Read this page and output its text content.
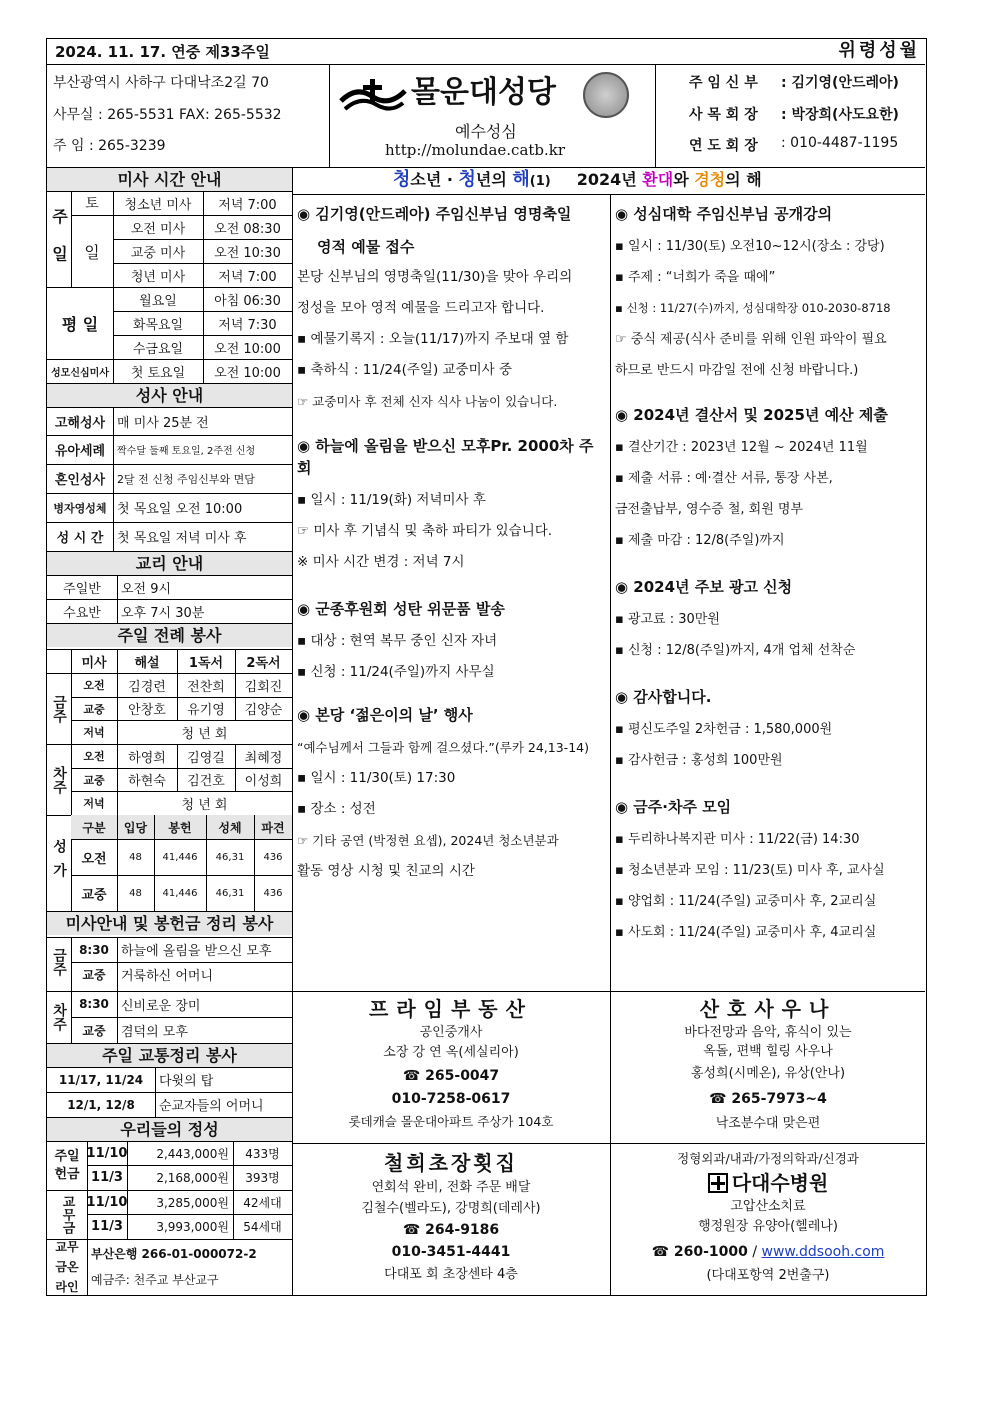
2024. 11. 17. 연중 제33주일	위령성월
부산광역시 사하구 다대낙조2길 70
사무실 : 265-5531 FAX: 265-5532
주 임 : 265-3239
몰운대성당
예수성심
http://molundae.catb.kr
주 임 신 부 : 김기영(안드레아)
사 목 회 장 : 박장희(사도요한)
연 도 회 장 : 010-4487-1195
미사 시간 안내
주 일
토
일
청소년 미사	저녁 7:00
오전 미사	오전 08:30
교중 미사	오전 10:30
청년 미사	저녁 7:00
평 일
월요일	아침 06:30
화목요일	저녁 7:30
수금요일	오전 10:00
성모신심미사	첫 토요일	오전 10:00
성사 안내
고해성사 매 미사 25분 전
유아세례	짝수달 둘째 토요일, 2주전 신청
혼인성사	2달 전 신청 주임신부와 면담
병자영성체 첫 목요일 오전 10:00
성 시 간	첫 목요일 저녁 미사 후
교리 안내
주일반	오전 9시
수요반	오후 7시 30분
주일 전례 봉사
미사	해설	1독서	2독서
금주
오전	김경련	전찬희	김회진
교중	안창호	유기영	김양순
저녁	청 년 회
차주
오전	하영희	김영길	최혜정
교중	하현숙	김건호	이성희
저녁	청 년 회
성가
구분	입당	봉헌	성체	파견
오전	48	41,446	46,31	436
교중	48	41,446	46,31	436
미사안내 및 봉헌금 정리 봉사
금주	8:30 하늘에 올림을 받으신 모후
교중	거룩하신 어머니
차주	8:30 신비로운 장미
교중	겸덕의 모후
주일 교통정리 봉사
11/17, 11/24	다윗의 탑
12/1, 12/8	순교자들의 어머니
우리들의 정성
주일헌금
11/10	2,443,000원	433명
11/3	2,168,000원	393명
교무금 11/10	3,285,000원	42세대
11/3	3,993,000원	54세대
교무금온라인
부산은행 266-01-000072-2
예금주: 천주교 부산교구
청소년 · 청년의 해(1) 2024년 환대와 경청의 해
◉ 김기영(안드레아) 주임신부님 영명축일
영적 예물 접수

본당 신부님의 영명축일(11/30)을 맞아 우리의

정성을 모아 영적 예물을 드리고자 합니다.

▪ 예물기록지 : 오늘(11/17)까지 주보대 옆 함

▪ 축하식 : 11/24(주일) 교중미사 중

☞ 교중미사 후 전체 신자 식사 나눔이 있습니다.

◉ 하늘에 올림을 받으신 모후Pr. 2000차 주회

▪ 일시 : 11/19(화) 저녁미사 후

☞ 미사 후 기념식 및 축하 파티가 있습니다.

※ 미사 시간 변경 : 저녁 7시

◉ 군종후원회 성탄 위문품 발송

▪ 대상 : 현역 복무 중인 신자 자녀

▪ 신청 : 11/24(주일)까지 사무실

◉ 본당 ‘젊은이의 날’ 행사

“예수님께서 그들과 함께 걸으셨다.”(루카 24,13-14)

▪ 일시 : 11/30(토) 17:30

▪ 장소 : 성전

☞ 기타 공연 (박정현 요셉), 2024년 청소년분과

활동 영상 시청 및 친교의 시간

◉ 성심대학 주임신부님 공개강의

▪ 일시 : 11/30(토) 오전10~12시(장소 : 강당)

▪ 주제 : “너희가 죽을 때에”

▪ 신청 : 11/27(수)까지, 성심대학장 010-2030-8718

☞ 중식 제공(식사 준비를 위해 인원 파악이 필요

하므로 반드시 마감일 전에 신청 바랍니다.)

◉ 2024년 결산서 및 2025년 예산 제출

▪ 결산기간 : 2023년 12월 ~ 2024년 11월

▪ 제출 서류 : 예·결산 서류, 통장 사본,

금전출납부, 영수증 철, 회원 명부

▪ 제출 마감 : 12/8(주일)까지

◉ 2024년 주보 광고 신청

▪ 광고료 : 30만원

▪ 신청 : 12/8(주일)까지, 4개 업체 선착순

◉ 감사합니다.

▪ 평신도주일 2차헌금 : 1,580,000원

▪ 감사헌금 : 홍성희 100만원

◉ 금주·차주 모임

▪ 두리하나복지관 미사 : 11/22(금) 14:30

▪ 청소년분과 모임 : 11/23(토) 미사 후, 교사실

▪ 양업회 : 11/24(주일) 교중미사 후, 2교리실

▪ 사도회 : 11/24(주일) 교중미사 후, 4교리실

프라임부동산
공인중개사
소장 강 연 옥(세실리아)
☎ 265-0047
010-7258-0617
롯데캐슬 몰운대아파트 주상가 104호
산호사우나
바다전망과 음악, 휴식이 있는
옥돌, 편백 힐링 사우나
홍성희(시메온), 유상(안나)
☎ 265-7973~4
낙조분수대 맞은편
철희초장횟집
연회석 완비, 전화 주문 배달
김철수(벨라도), 강명희(데레사)
☎ 264-9186
010-3451-4441
다대포 회 초장센타 4층
정형외과/내과/가정의학과/신경과
다대수병원
고압산소치료
행정원장 유양아(헬레나)
☎ 260-1000 / www.ddsooh.com
(다대포항역 2번출구)
